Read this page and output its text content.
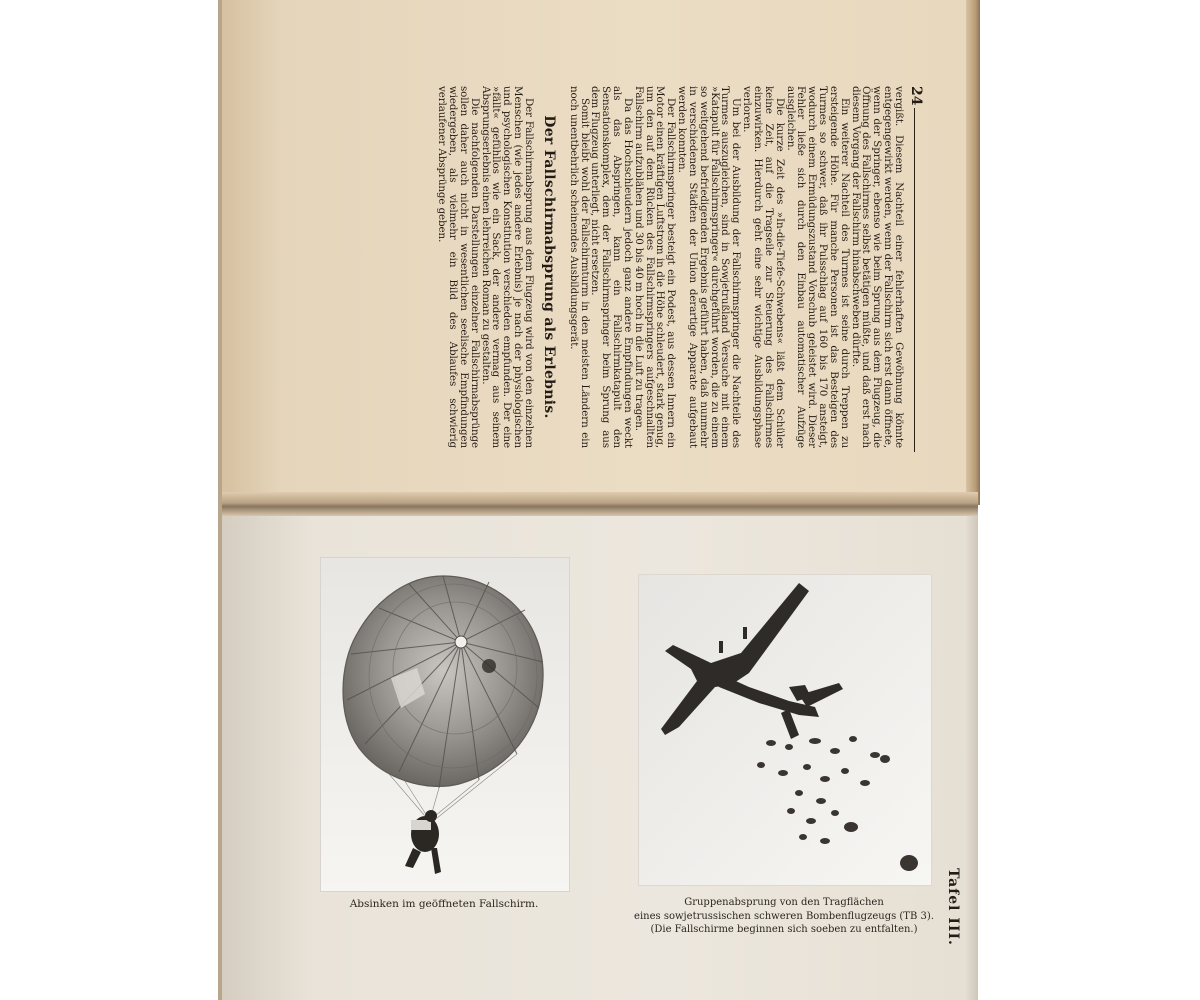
24

vergißt. Diesem Nachteil einer fehlerhaften Gewöhnung könnte entgegengewirkt werden, wenn der Fallschirm sich erst dann öffnete, wenn der Springer, ebenso wie beim Sprung aus dem Flugzeug, die Öffnung des Fallschirmes selbst betätigen müßte, und daß erst nach diesem Vorgang der Fallschirm hinabschweben dürfte.

Ein weiterer Nachteil des Turmes ist seine durch Treppen zu ersteigende Höhe. Für manche Personen ist das Besteigen des Turmes so schwer, daß ihr Pulsschlag auf 160 bis 170 ansteigt, wodurch einem Ermüdungszustand Vorschub geleistet wird. Dieser Fehler ließe sich durch den Einbau automatischer Aufzüge ausgleichen.

Die kurze Zeit des »In-die-Tiefe-Schwebens« läßt dem Schüler keine Zeit, auf die Tragseile zur Steuerung des Fallschirmes einzuwirken. Hierdurch geht eine sehr wichtige Ausbildungsphase verloren.

Um bei der Ausbildung der Fallschirmspringer die Nachteile des Turmes auszugleichen, sind in Sowjetrußland Versuche mit einem »Katapult für Fallschirmspringer« durchgeführt worden, die zu einem so weitgehend befriedigenden Ergebnis geführt haben, daß nunmehr in verschiedenen Städten der Union derartige Apparate aufgebaut werden konnten.

Der Fallschirmspringer besteigt ein Podest, aus dessen Innern ein Motor einen kräftigen Luftstrom in die Höhe schleudert, stark genug, um den auf dem Rücken des Fallschirmspringers aufgeschnallten Fallschirm aufzublähen und 30 bis 40 m hoch in die Luft zu tragen.

Da das Hochschleudern jedoch ganz andere Empfindungen weckt als das Abspringen, kann ein Fallschirmkatapult den Sensationskomplex, dem der Fallschirmspringer beim Sprung aus dem Flugzeug unterliegt, nicht ersetzen.

Somit bleibt wohl der Fallschirmturm in den meisten Ländern ein noch unentbehrlich scheinendes Ausbildungsgerät.

Der Fallschirmabsprung als Erlebnis.

Der Fallschirmabsprung aus dem Flugzeug wird von den einzelnen Menschen (wie jedes andere Erlebnis) je nach der physiologischen und psychologischen Konstitution verschieden empfunden. Der eine »fällt« gefühllos wie ein Sack, der andere vermag aus seinem Absprungserlebnis einen lehrreichen Roman zu gestalten.

Die nachfolgenden Darstellungen einzelner Fallschirmabsprünge sollen daher auch nicht in wesentlichen seelische Empfindungen wiedergeben, als vielmehr ein Bild des Ablaufes schwierig verlaufener Absprünge geben.

Absinken im geöffneten Fallschirm.	Gruppenabsprung von den Tragflächen
eines sowjetrussischen schweren Bombenflugzeugs (TB 3).
(Die Fallschirme beginnen sich soeben zu entfalten.)	Tafel III.
